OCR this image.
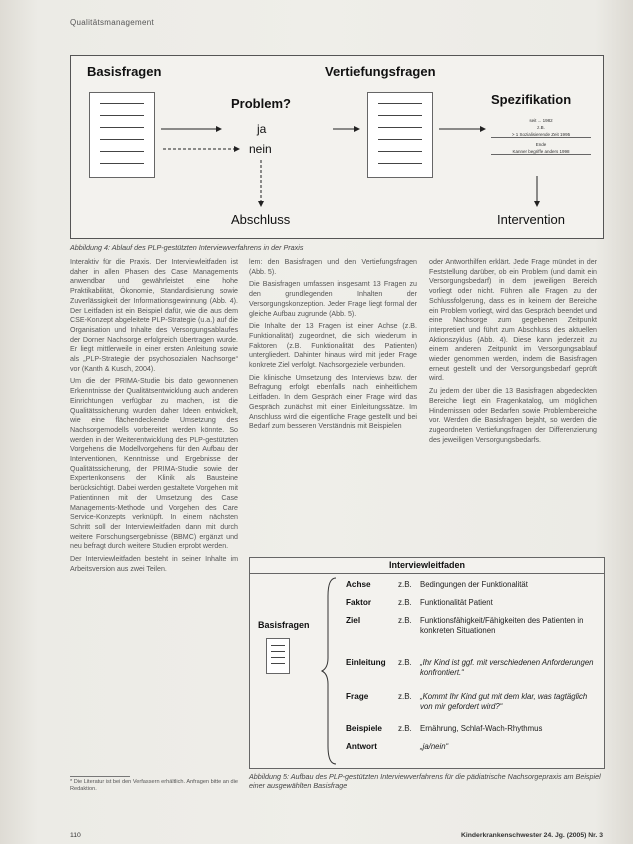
Qualitätsmanagement
Basisfragen	Vertiefungsfragen
Problem?
ja
nein
Spezifikation
seit ... 1982
z.B.
> 1 Sozialisierende Zeit 1995
Ende
Kanner begriffe anders 1998
Abschluss	Intervention
Abbildung 4: Ablauf des PLP-gestützten Interviewverfahrens in der Praxis

Interaktiv für die Praxis. Der Interviewleitfaden ist daher in allen Phasen des Case Managements anwendbar und gewährleistet eine hohe Praktikabilität, Ökonomie, Standardisierung sowie Zuverlässigkeit der Informationsgewinnung (Abb. 4). Der Leitfaden ist ein Beispiel dafür, wie die aus dem CSE-Konzept abgeleitete PLP-Strategie (u.a.) auf die Organisation und Inhalte des Versorgungsablaufes der Dorner Nachsorge erfolgreich übertragen wurde. Er liegt mittlerweile in einer ersten Anleitung sowie als „PLP-Strategie der psychosozialen Nachsorge“ vor (Kanth & Kusch, 2004).

Um die der PRIMA-Studie bis dato gewonnenen Erkenntnisse der Qualitätsentwicklung auch anderen Einrichtungen verfügbar zu machen, ist die Qualitätssicherung wurden daher Ideen entwickelt, wie eine flächendeckende Umsetzung des Nachsorgemodells vorbereitet werden könnte. So werden in der Weiterentwicklung des PLP-gestützten Vorgehens die Modellvorgehens für den Aufbau der Interventionen, Kenntnisse und Ergebnisse der Qualitätssicherung, der PRIMA-Studie sowie der Expertenkonsens der Klinik als Bausteine berücksichtigt. Dabei werden gestaltete Vorgehen mit Patientinnen mit der Umsetzung des Case Managements-Methode und Vorgehen des Care Service-Konzepts verknüpft. In einem nächsten Schritt soll der Interviewleitfaden dann mit durch weitere Forschungsergebnisse (BBMC) ergänzt und neu befragt durch weitere Studien erprobt werden.

Der Interviewleitfaden besteht in seiner Inhalte im Arbeitsversion aus zwei Teilen.

* Die Literatur ist bei den Verfassern erhältlich. Anfragen bitte an die Redaktion.

lem: den Basisfragen und den Vertiefungsfragen (Abb. 5).

Die Basisfragen umfassen insgesamt 13 Fragen zu den grundlegenden Inhalten der Versorgungskonzeption. Jeder Frage liegt formal der gleiche Aufbau zugrunde (Abb. 5).

Die Inhalte der 13 Fragen ist einer Achse (z.B. Funktionalität) zugeordnet, die sich wiederum in Faktoren (z.B. Funktionalität des Patienten) untergliedert. Dahinter hinaus wird mit jeder Frage konkrete Ziel verfolgt. Nachsorgeziele verbunden.

Die klinische Umsetzung des Interviews bzw. der Befragung erfolgt ebenfalls nach einheitlichem Leitfaden. In dem Gespräch einer Frage wird das Gespräch zunächst mit einer Einleitungssätze. Im Anschluss wird die eigentliche Frage gestellt und bei Bedarf zum besseren Verständnis mit Beispielen

oder Antworthilfen erklärt. Jede Frage mündet in der Feststellung darüber, ob ein Problem (und damit ein Versorgungsbedarf) in dem jeweiligen Bereich vorliegt oder nicht. Führen alle Fragen zu der Schlussfolgerung, dass es in keinem der Bereiche ein Problem vorliegt, wird das Gespräch beendet und eine Nachsorge zum gegebenen Zeitpunkt interpretiert und führt zum Abschluss des aktuellen Aktionszyklus (Abb. 4). Diese kann jederzeit zu einem anderen Zeitpunkt im Versorgungsablauf wieder genommen werden, indem die Basisfragen erneut gestellt und der Versorgungsbedarf geprüft wird.

Zu jedem der über die 13 Basisfragen abgedeckten Bereiche liegt ein Fragenkatalog, um möglichen Hindernissen oder Bedarfen sowie Problembereiche vor. Werden die Basisfragen bejaht, so werden die zugeordneten Vertiefungsfragen der Differenzierung des jeweiligen Versorgungsbedarfs.

Interviewleitfaden
Basisfragen
Achse	z.B. Bedingungen der Funktionalität
Faktor	z.B. Funktionalität Patient
Ziel	z.B. Funktionsfähigkeit/Fähigkeiten des Patienten in konkreten Situationen
Einleitung z.B. „Ihr Kind ist ggf. mit verschiedenen Anforderungen konfrontiert.“
Frage	z.B. „Kommt Ihr Kind gut mit dem klar, was tagtäglich von mir gefordert wird?“
Beispiele z.B. Ernährung, Schlaf-Wach-Rhythmus
Antwort	„ja/nein“
Abbildung 5: Aufbau des PLP-gestützten Interviewverfahrens für die pädiatrische Nachsorgepraxis am Beispiel einer ausgewählten Basisfrage
110	Kinderkrankenschwester 24. Jg. (2005) Nr. 3
